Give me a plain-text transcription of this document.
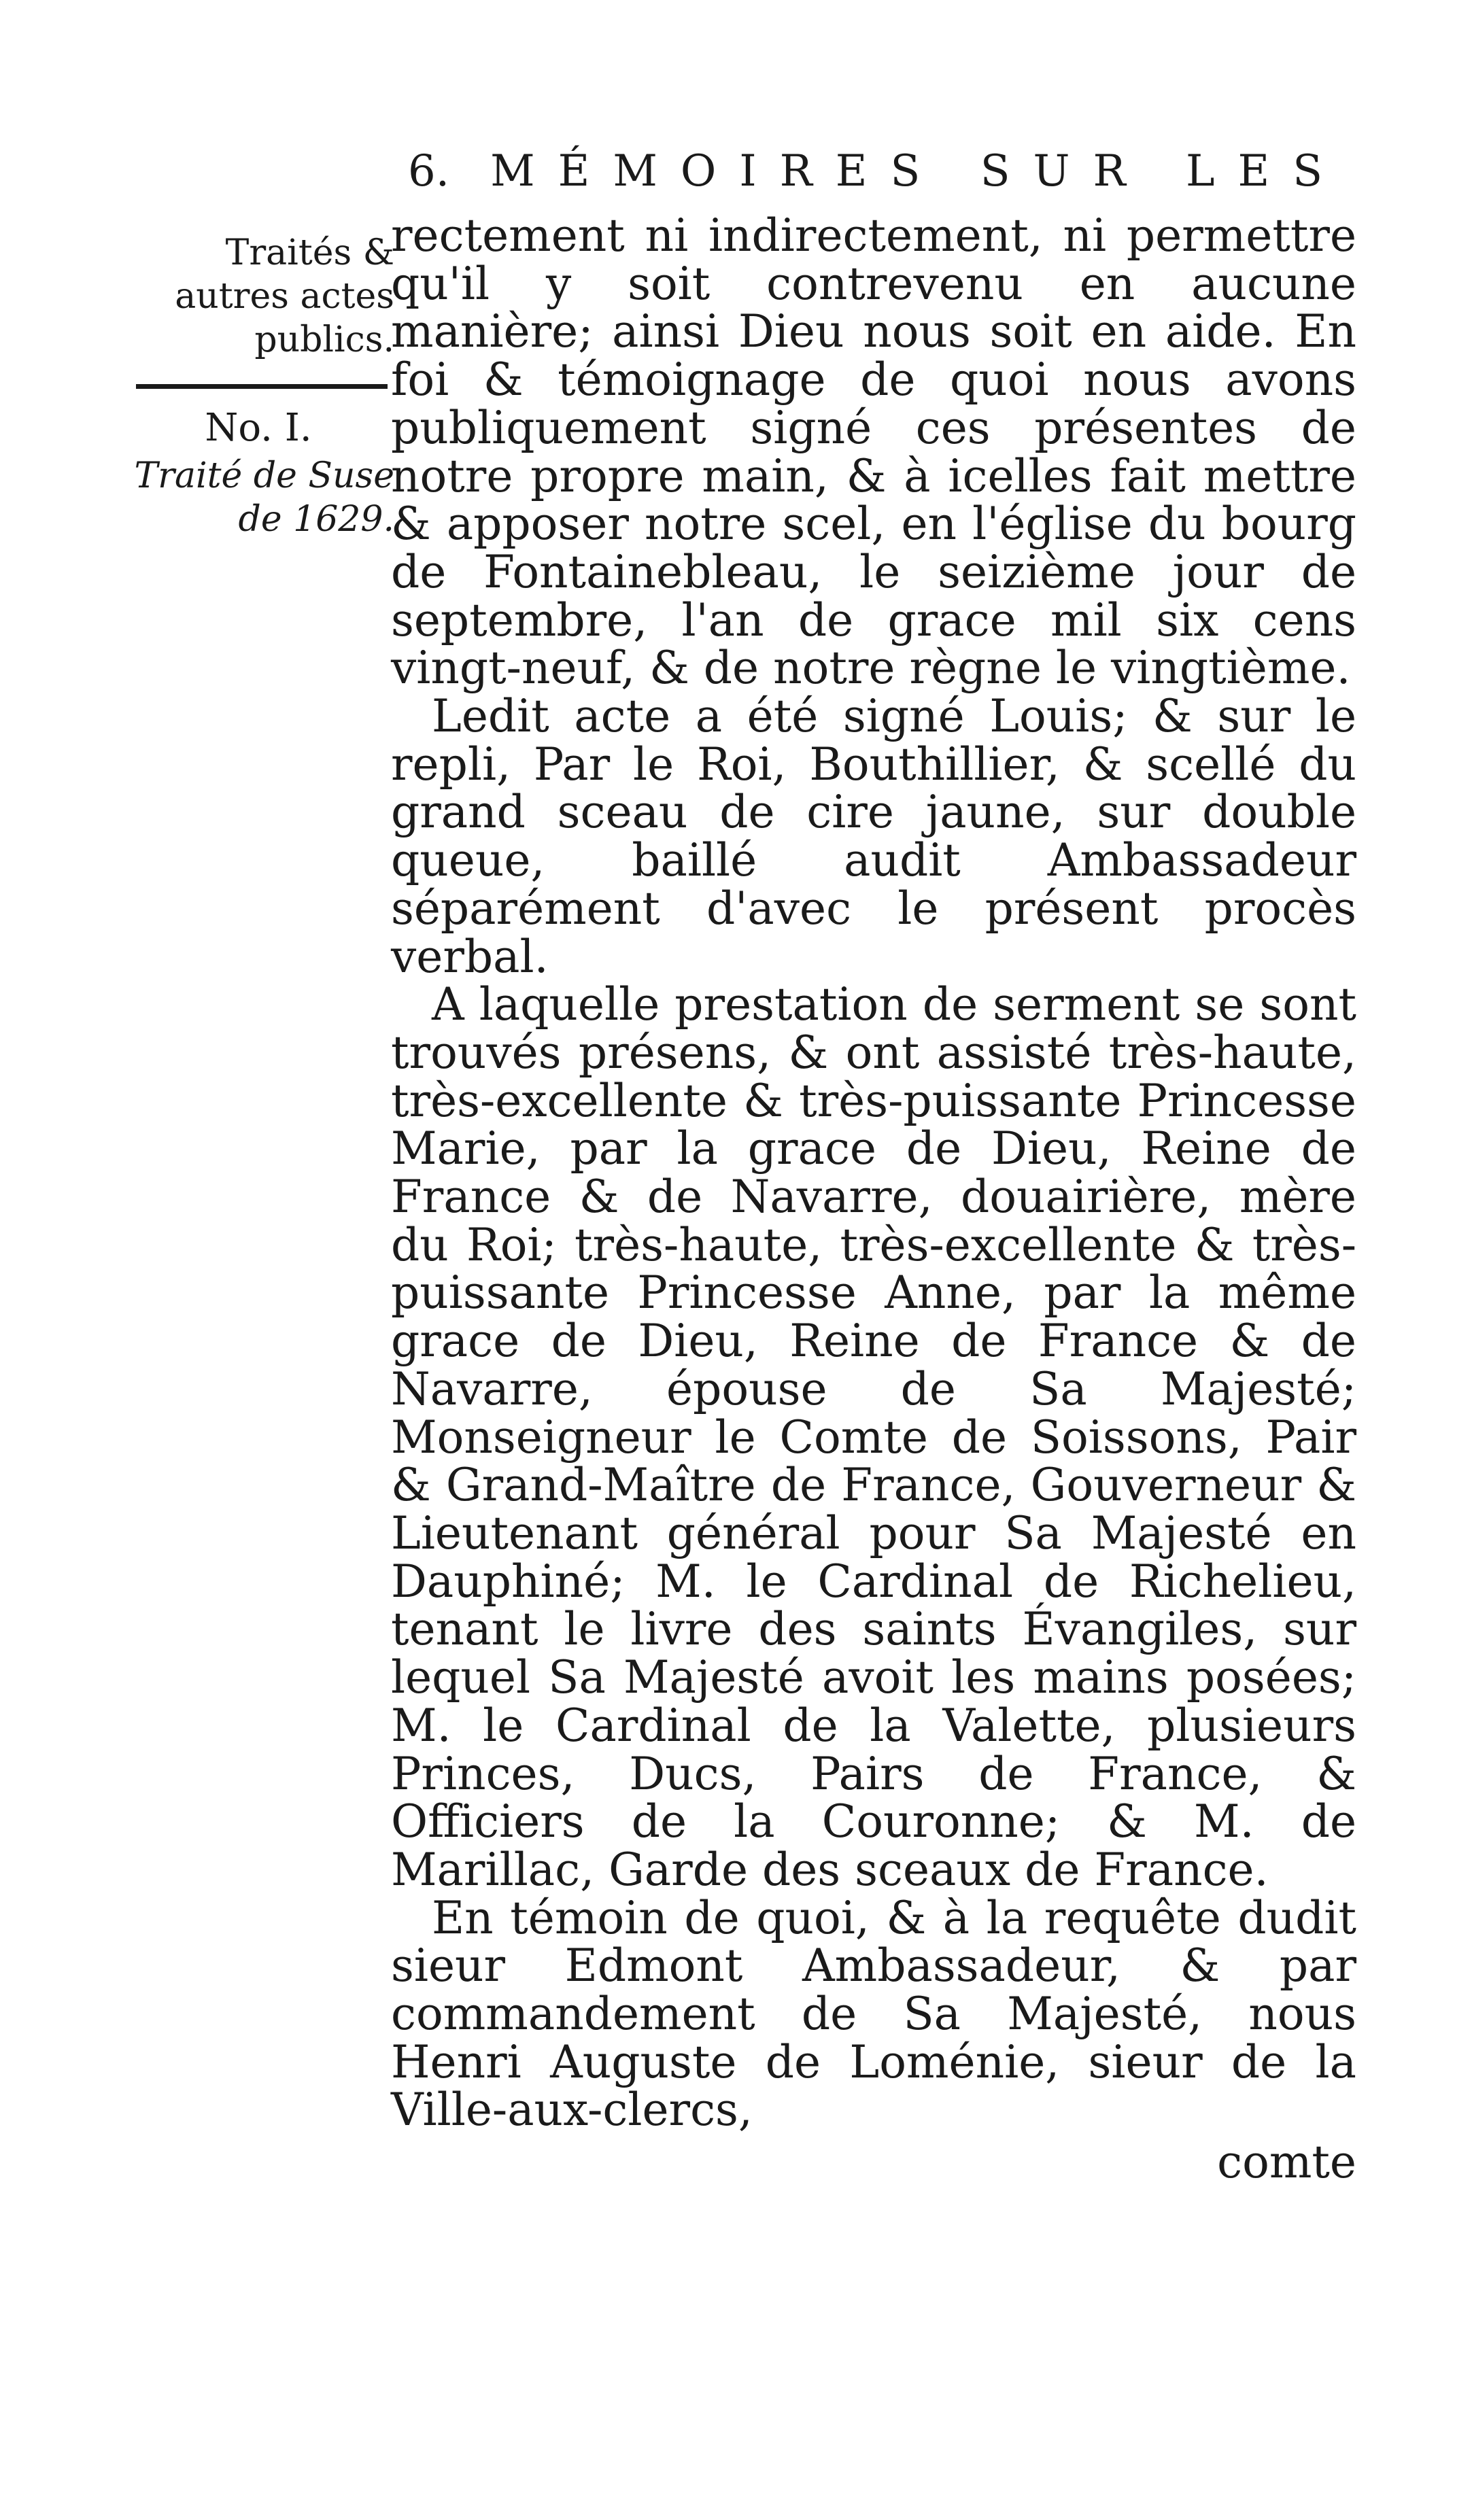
6. MÉMOIRES SUR LES
Traités & autres actes publics.
No. I.
Traité de Suse de 1629.

rectement ni indirectement, ni permettre qu'il y soit contrevenu en aucune manière; ainsi Dieu nous soit en aide. En foi & témoignage de quoi nous avons publiquement signé ces présentes de notre propre main, & à icelles fait mettre & apposer notre scel, en l'église du bourg de Fontainebleau, le seizième jour de septembre, l'an de grace mil six cens vingt-neuf, & de notre règne le vingtième.

Ledit acte a été signé Louis; & sur le repli, Par le Roi, Bouthillier, & scellé du grand sceau de cire jaune, sur double queue, baillé audit Ambassadeur séparément d'avec le présent procès verbal.

A laquelle prestation de serment se sont trouvés présens, & ont assisté très-haute, très-excellente & très-puissante Princesse Marie, par la grace de Dieu, Reine de France & de Navarre, douairière, mère du Roi; très-haute, très-excellente & très-puissante Princesse Anne, par la même grace de Dieu, Reine de France & de Navarre, épouse de Sa Majesté; Monseigneur le Comte de Soissons, Pair & Grand-Maître de France, Gouverneur & Lieutenant général pour Sa Majesté en Dauphiné; M. le Cardinal de Richelieu, tenant le livre des saints Évangiles, sur lequel Sa Majesté avoit les mains posées; M. le Cardinal de la Valette, plusieurs Princes, Ducs, Pairs de France, & Officiers de la Couronne; & M. de Marillac, Garde des sceaux de France.

En témoin de quoi, & à la requête dudit sieur Edmont Ambassadeur, & par commandement de Sa Majesté, nous Henri Auguste de Loménie, sieur de la Ville-aux-clercs,

comte
